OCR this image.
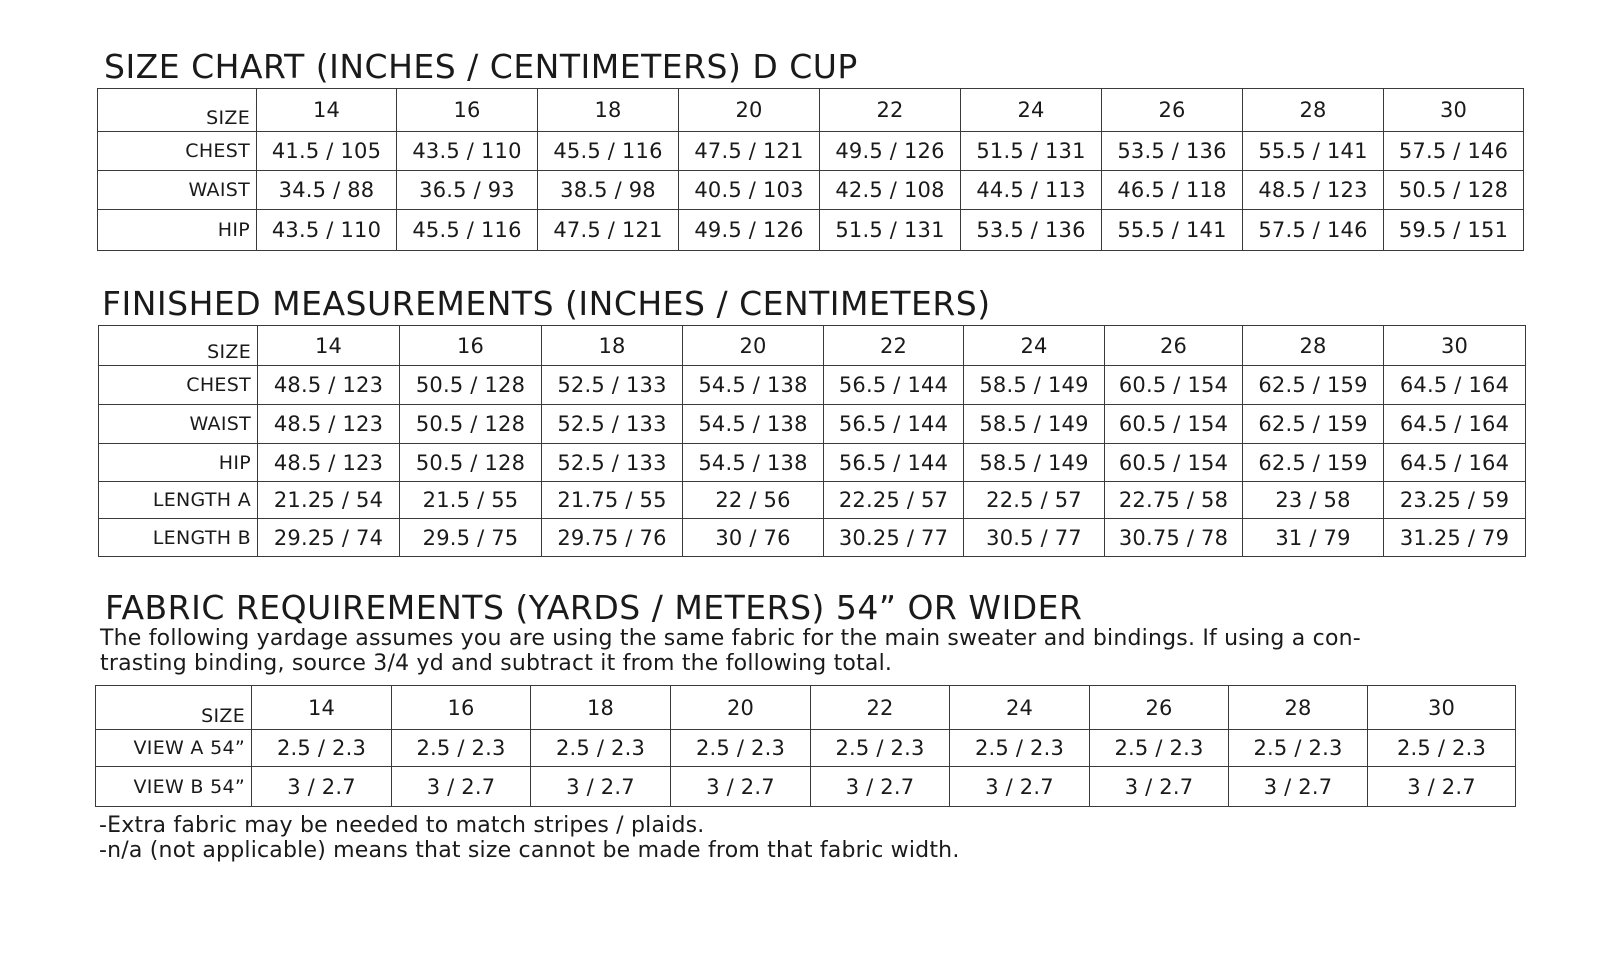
SIZE CHART (INCHES / CENTIMETERS) D CUP
SIZE	14	16	18	20	22	24	26	28	30
CHEST	41.5 / 105	43.5 / 110	45.5 / 116	47.5 / 121	49.5 / 126	51.5 / 131	53.5 / 136	55.5 / 141	57.5 / 146
WAIST	34.5 / 88	36.5 / 93	38.5 / 98	40.5 / 103	42.5 / 108	44.5 / 113	46.5 / 118	48.5 / 123	50.5 / 128
HIP	43.5 / 110	45.5 / 116	47.5 / 121	49.5 / 126	51.5 / 131	53.5 / 136	55.5 / 141	57.5 / 146	59.5 / 151
FINISHED MEASUREMENTS (INCHES / CENTIMETERS)
SIZE	14	16	18	20	22	24	26	28	30
CHEST	48.5 / 123	50.5 / 128	52.5 / 133	54.5 / 138	56.5 / 144	58.5 / 149	60.5 / 154	62.5 / 159	64.5 / 164
WAIST	48.5 / 123	50.5 / 128	52.5 / 133	54.5 / 138	56.5 / 144	58.5 / 149	60.5 / 154	62.5 / 159	64.5 / 164
HIP	48.5 / 123	50.5 / 128	52.5 / 133	54.5 / 138	56.5 / 144	58.5 / 149	60.5 / 154	62.5 / 159	64.5 / 164
LENGTH A	21.25 / 54	21.5 / 55	21.75 / 55	22 / 56	22.25 / 57	22.5 / 57	22.75 / 58	23 / 58	23.25 / 59
LENGTH B	29.25 / 74	29.5 / 75	29.75 / 76	30 / 76	30.25 / 77	30.5 / 77	30.75 / 78	31 / 79	31.25 / 79
FABRIC REQUIREMENTS (YARDS / METERS) 54” OR WIDER

The following yardage assumes you are using the same fabric for the main sweater and bindings. If using a con-

trasting binding, source 3/4 yd and subtract it from the following total.

SIZE	14	16	18	20	22	24	26	28	30
VIEW A 54”	2.5 / 2.3	2.5 / 2.3	2.5 / 2.3	2.5 / 2.3	2.5 / 2.3	2.5 / 2.3	2.5 / 2.3	2.5 / 2.3	2.5 / 2.3
VIEW B 54”	3 / 2.7	3 / 2.7	3 / 2.7	3 / 2.7	3 / 2.7	3 / 2.7	3 / 2.7	3 / 2.7	3 / 2.7

-Extra fabric may be needed to match stripes / plaids.

-n/a (not applicable) means that size cannot be made from that fabric width.
